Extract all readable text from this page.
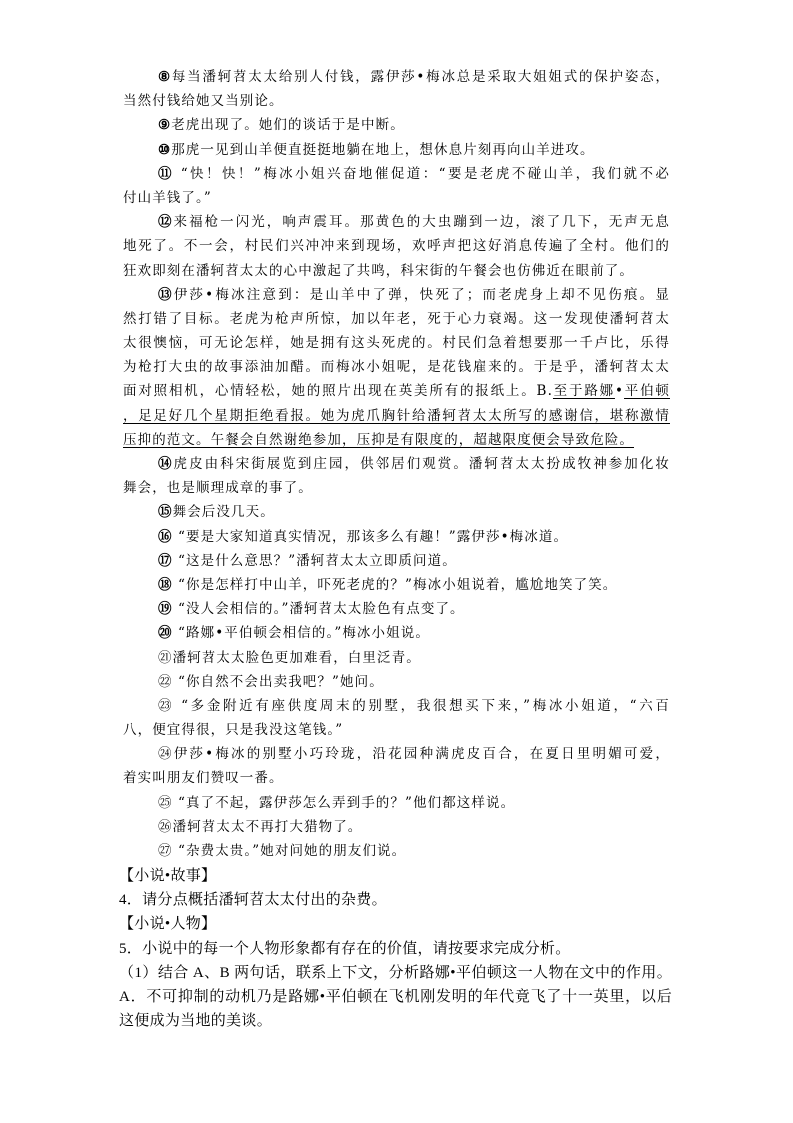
⑧每当潘轲苕太太给别人付钱，露伊莎•梅冰总是采取大姐姐式的保护姿态，
当然付钱给她又当别论。
⑨老虎出现了。她们的谈话于是中断。
⑩那虎一见到山羊便直挺挺地躺在地上，想休息片刻再向山羊进攻。
⑪ “快！快！”梅冰小姐兴奋地催促道：“要是老虎不碰山羊，我们就不必
付山羊钱了。”
⑫来福枪一闪光，响声震耳。那黄色的大虫蹦到一边，滚了几下，无声无息
地死了。不一会，村民们兴冲冲来到现场，欢呼声把这好消息传遍了全村。他们的
狂欢即刻在潘轲苕太太的心中激起了共鸣，科宋街的午餐会也仿佛近在眼前了。
⑬伊莎•梅冰注意到：是山羊中了弹，快死了；而老虎身上却不见伤痕。显
然打错了目标。老虎为枪声所惊，加以年老，死于心力衰竭。这一发现使潘轲苕太
太很懊恼，可无论怎样，她是拥有这头死虎的。村民们急着想要那一千卢比，乐得
为枪打大虫的故事添油加醋。而梅冰小姐呢，是花钱雇来的。于是乎，潘轲苕太太
面对照相机，心情轻松，她的照片出现在英美所有的报纸上。B.至于路娜•平伯顿
，足足好几个星期拒绝看报。她为虎爪胸针给潘轲苕太太所写的感谢信，堪称激情
压抑的范文。午餐会自然谢绝参加，压抑是有限度的，超越限度便会导致危险。
⑭虎皮由科宋街展览到庄园，供邻居们观赏。潘轲苕太太扮成牧神参加化妆
舞会，也是顺理成章的事了。
⑮舞会后没几天。
⑯ “要是大家知道真实情况，那该多么有趣！”露伊莎•梅冰道。
⑰ “这是什么意思？”潘轲苕太太立即质问道。
⑱ “你是怎样打中山羊，吓死老虎的？”梅冰小姐说着，尴尬地笑了笑。
⑲ “没人会相信的。”潘轲苕太太脸色有点变了。
⑳ “路娜•平伯顿会相信的。”梅冰小姐说。
㉑潘轲苕太太脸色更加难看，白里泛青。
㉒ “你自然不会出卖我吧？”她问。
㉓ “多金附近有座供度周末的别墅，我很想买下来，”梅冰小姐道，“六百
八，便宜得很，只是我没这笔钱。”
㉔伊莎•梅冰的别墅小巧玲珑，沿花园种满虎皮百合，在夏日里明媚可爱，
着实叫朋友们赞叹一番。
㉕ “真了不起，露伊莎怎么弄到手的？”他们都这样说。
㉖潘轲苕太太不再打大猎物了。
㉗ “杂费太贵。”她对问她的朋友们说。
【小说•故事】
4．请分点概括潘轲苕太太付出的杂费。
【小说•人物】
5．小说中的每一个人物形象都有存在的价值，请按要求完成分析。
（1）结合 A、B 两句话，联系上下文，分析路娜•平伯顿这一人物在文中的作用。
A．不可抑制的动机乃是路娜•平伯顿在飞机刚发明的年代竟飞了十一英里，以后
这便成为当地的美谈。
